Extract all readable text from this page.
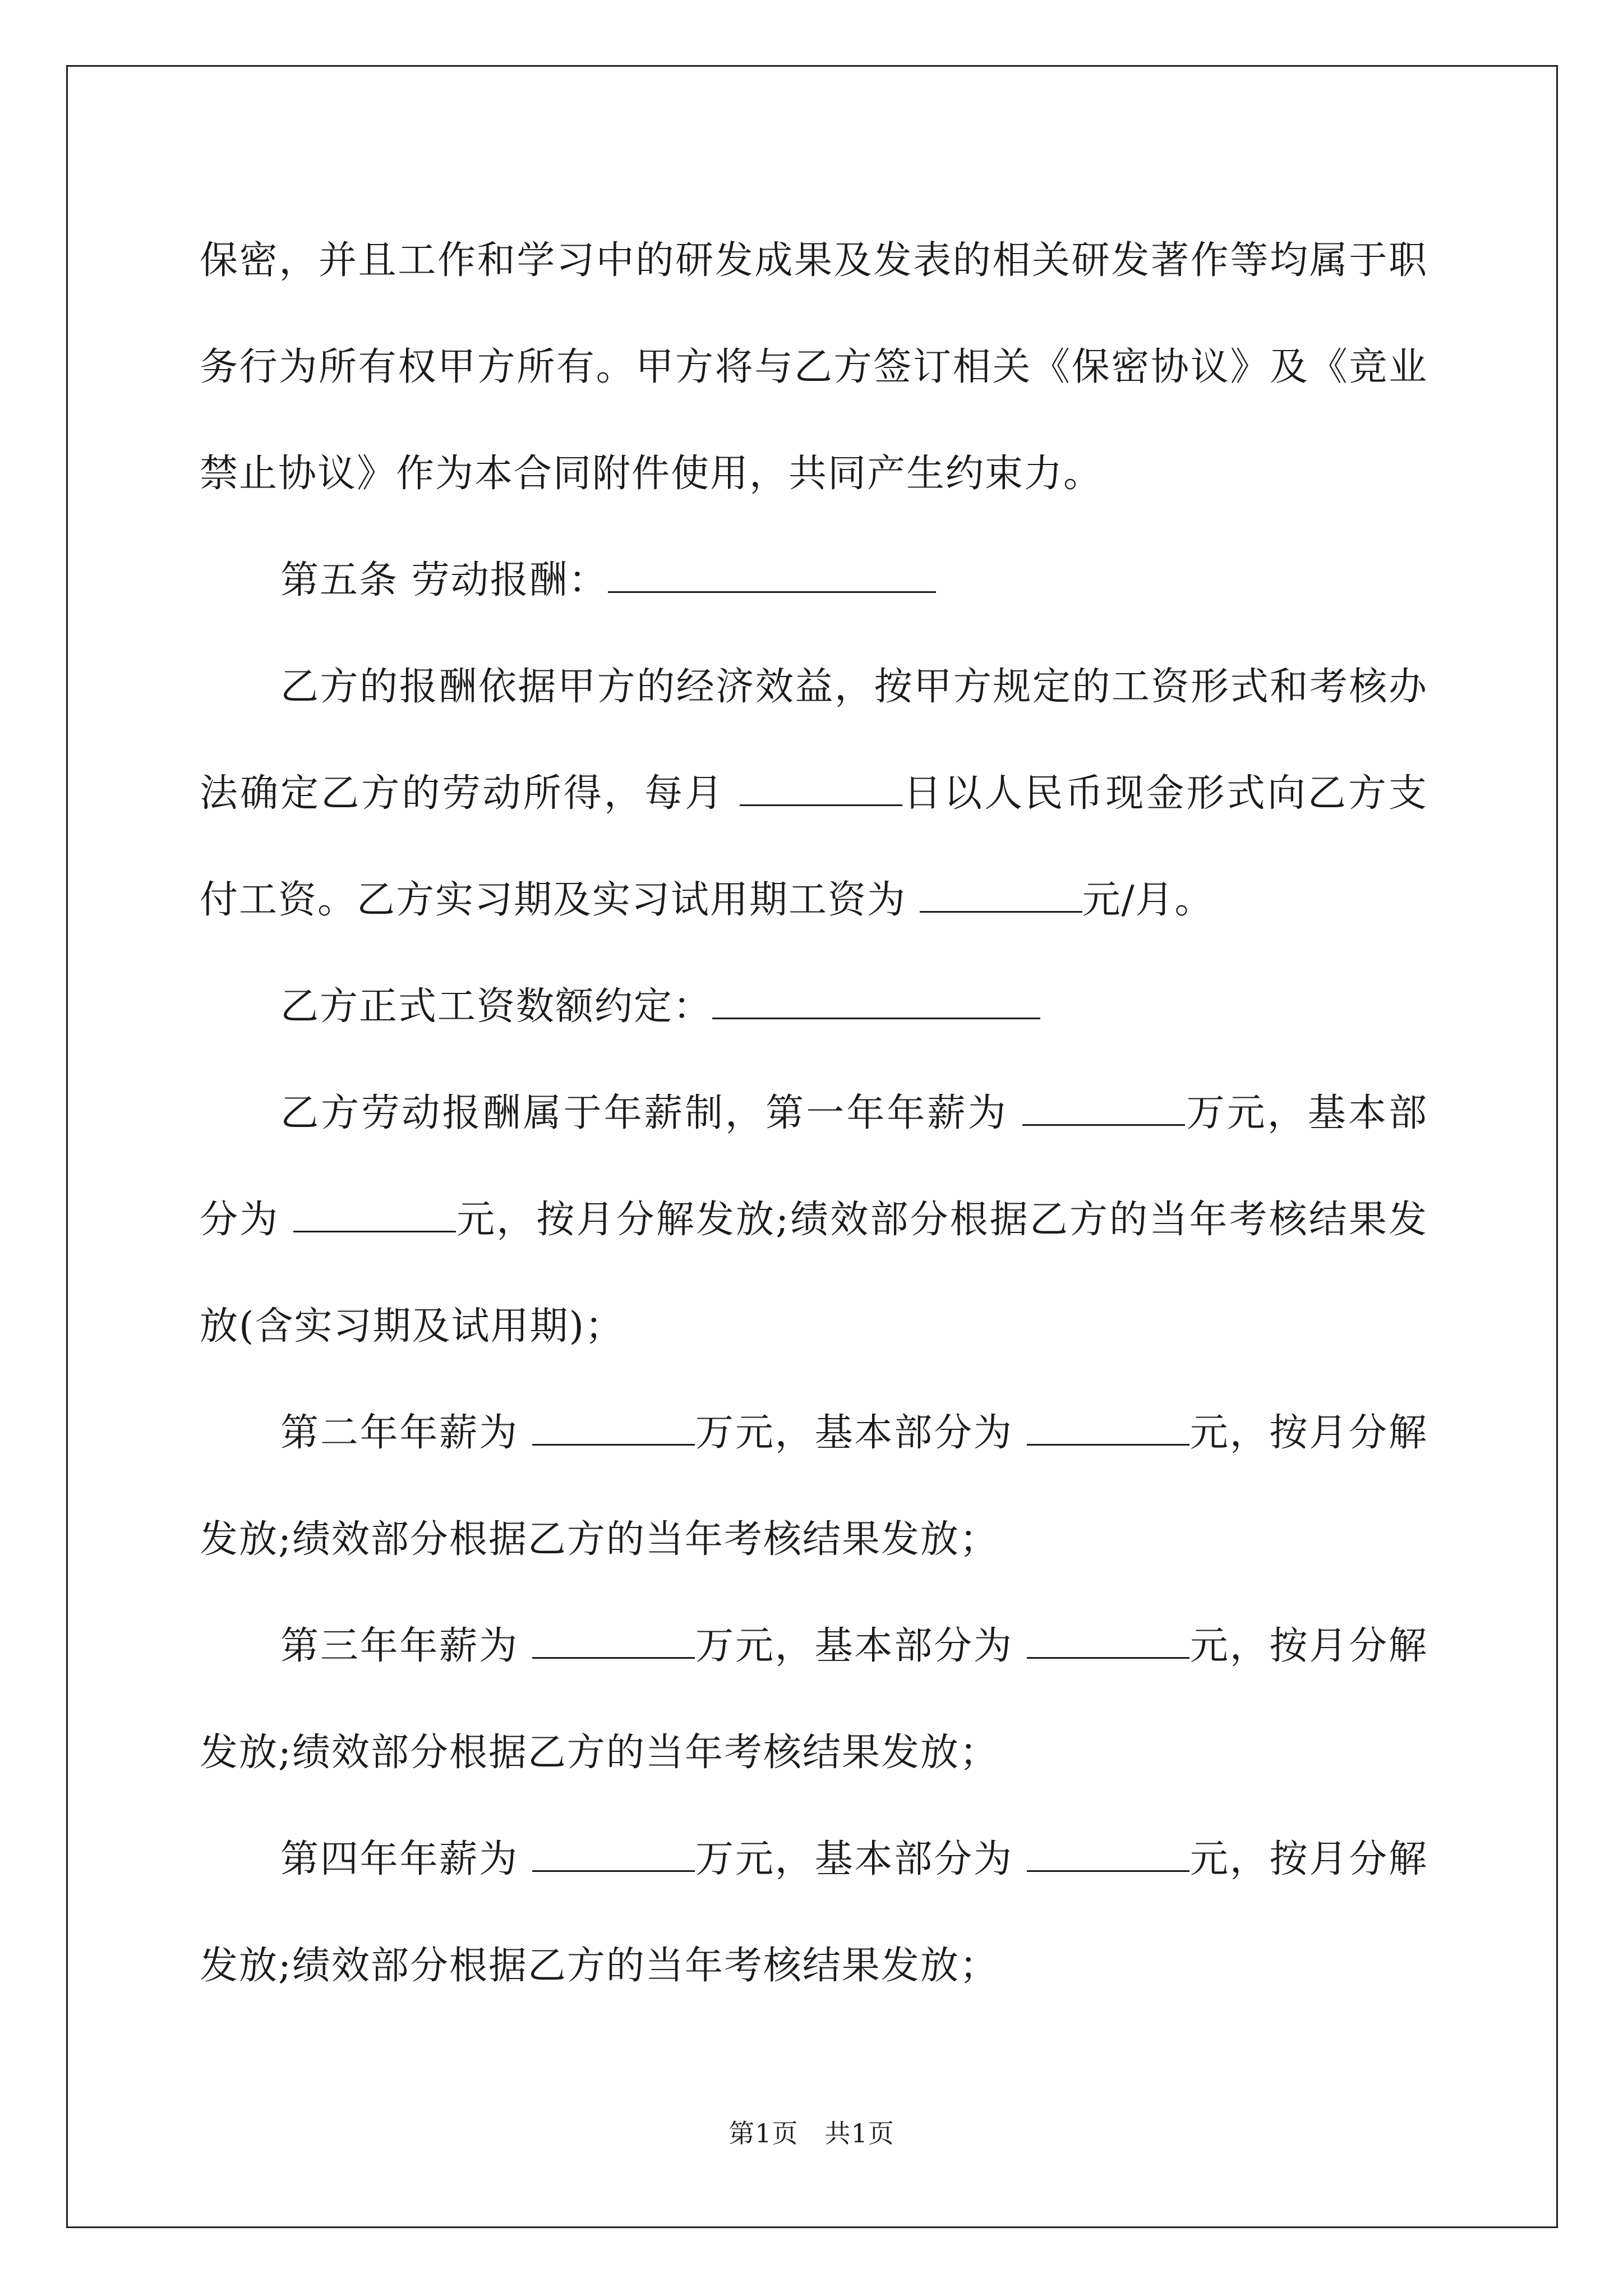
保密，并且工作和学习中的研发成果及发表的相关研发著作等均属于职务行为所有权甲方所有。甲方将与乙方签订相关《保密协议》及《竞业禁止协议》作为本合同附件使用，共同产生约束力。

第五条 劳动报酬：

乙方的报酬依据甲方的经济效益，按甲方规定的工资形式和考核办法确定乙方的劳动所得，每月	日以人民币现金形式向乙方支付工资。乙方实习期及实习试用期工资为	元/月。

乙方正式工资数额约定：

乙方劳动报酬属于年薪制，第一年年薪为	万元，基本部分为	元，按月分解发放;绩效部分根据乙方的当年考核结果发放(含实习期及试用期)；

第二年年薪为	万元，基本部分为	元，按月分解发放;绩效部分根据乙方的当年考核结果发放；

第三年年薪为	万元，基本部分为	元，按月分解发放;绩效部分根据乙方的当年考核结果发放；

第四年年薪为	万元，基本部分为	元，按月分解发放;绩效部分根据乙方的当年考核结果发放；

第1页　共1页
